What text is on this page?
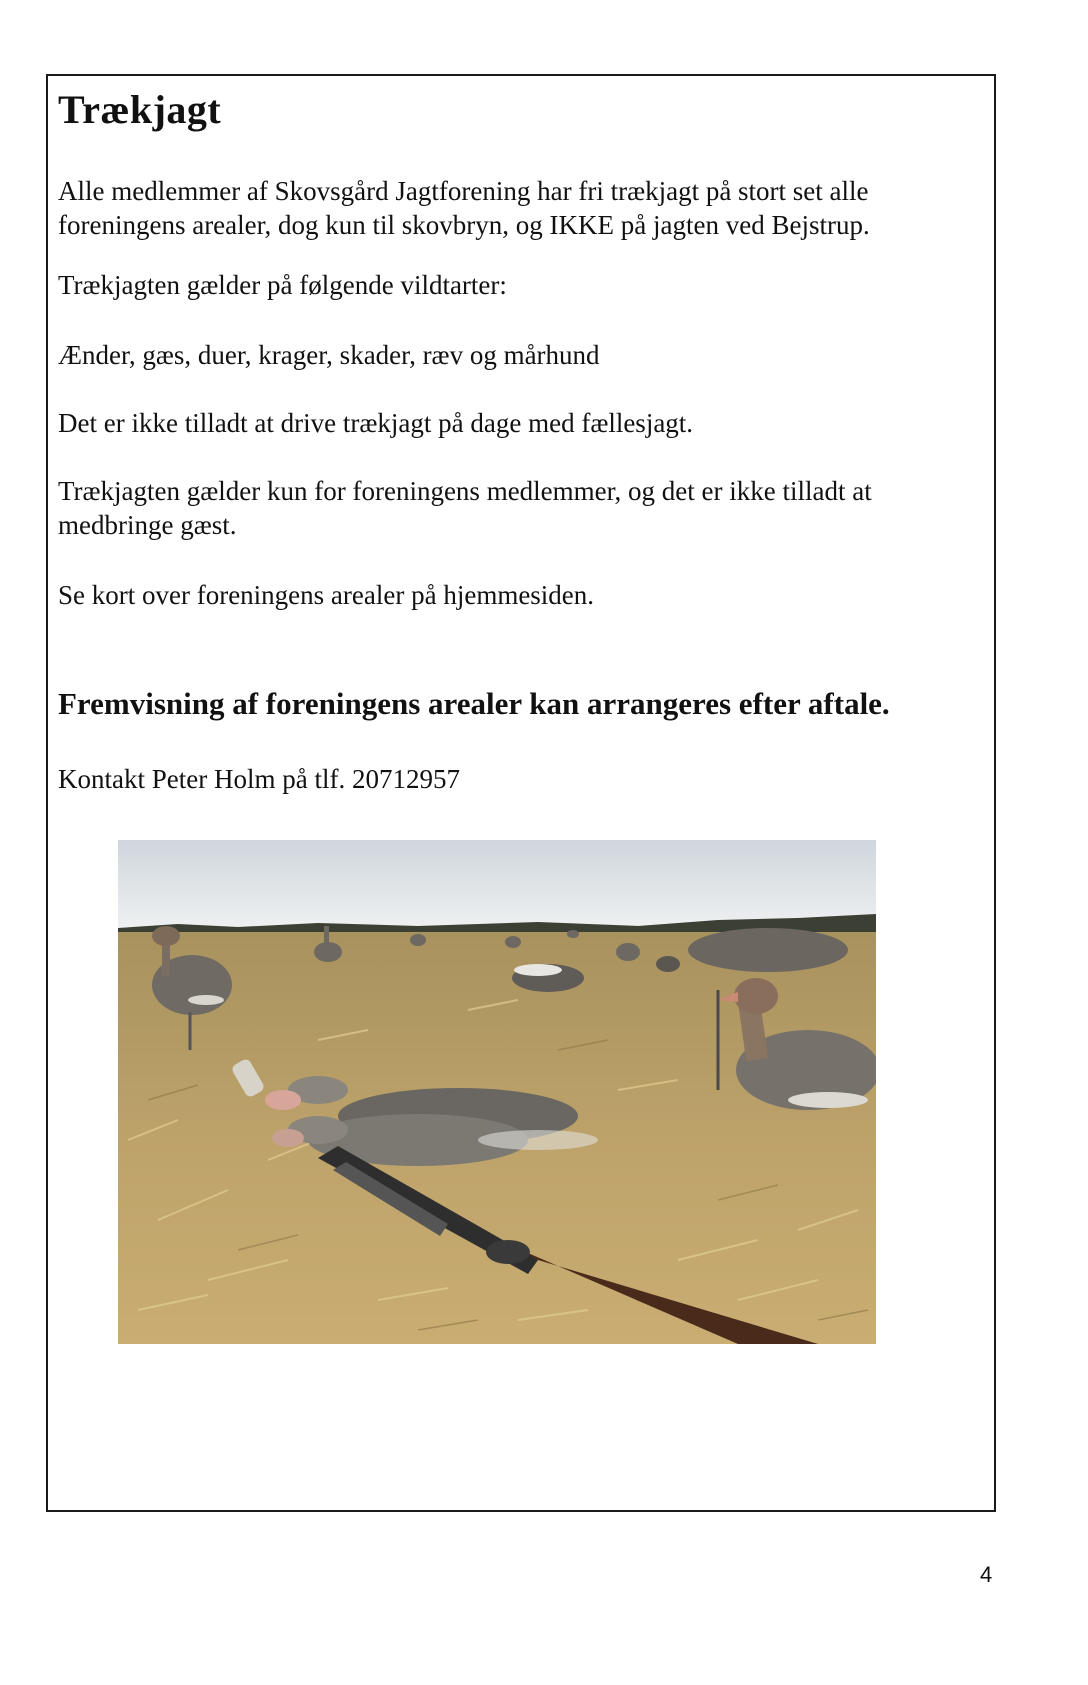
Trækjagt

Alle medlemmer af Skovsgård Jagtforening har fri trækjagt på stort set alle foreningens arealer, dog kun til skovbryn, og IKKE på jagten ved Bejstrup.

Trækjagten gælder på følgende vildtarter:

Ænder, gæs, duer, krager, skader, ræv og mårhund

Det er ikke tilladt at drive trækjagt på dage med fællesjagt.

Trækjagten gælder kun for foreningens medlemmer, og det er ikke tilladt at medbringe gæst.

Se kort over foreningens arealer på hjemmesiden.

Fremvisning af foreningens arealer kan arrangeres efter aftale.

Kontakt Peter Holm på tlf. 20712957

4
